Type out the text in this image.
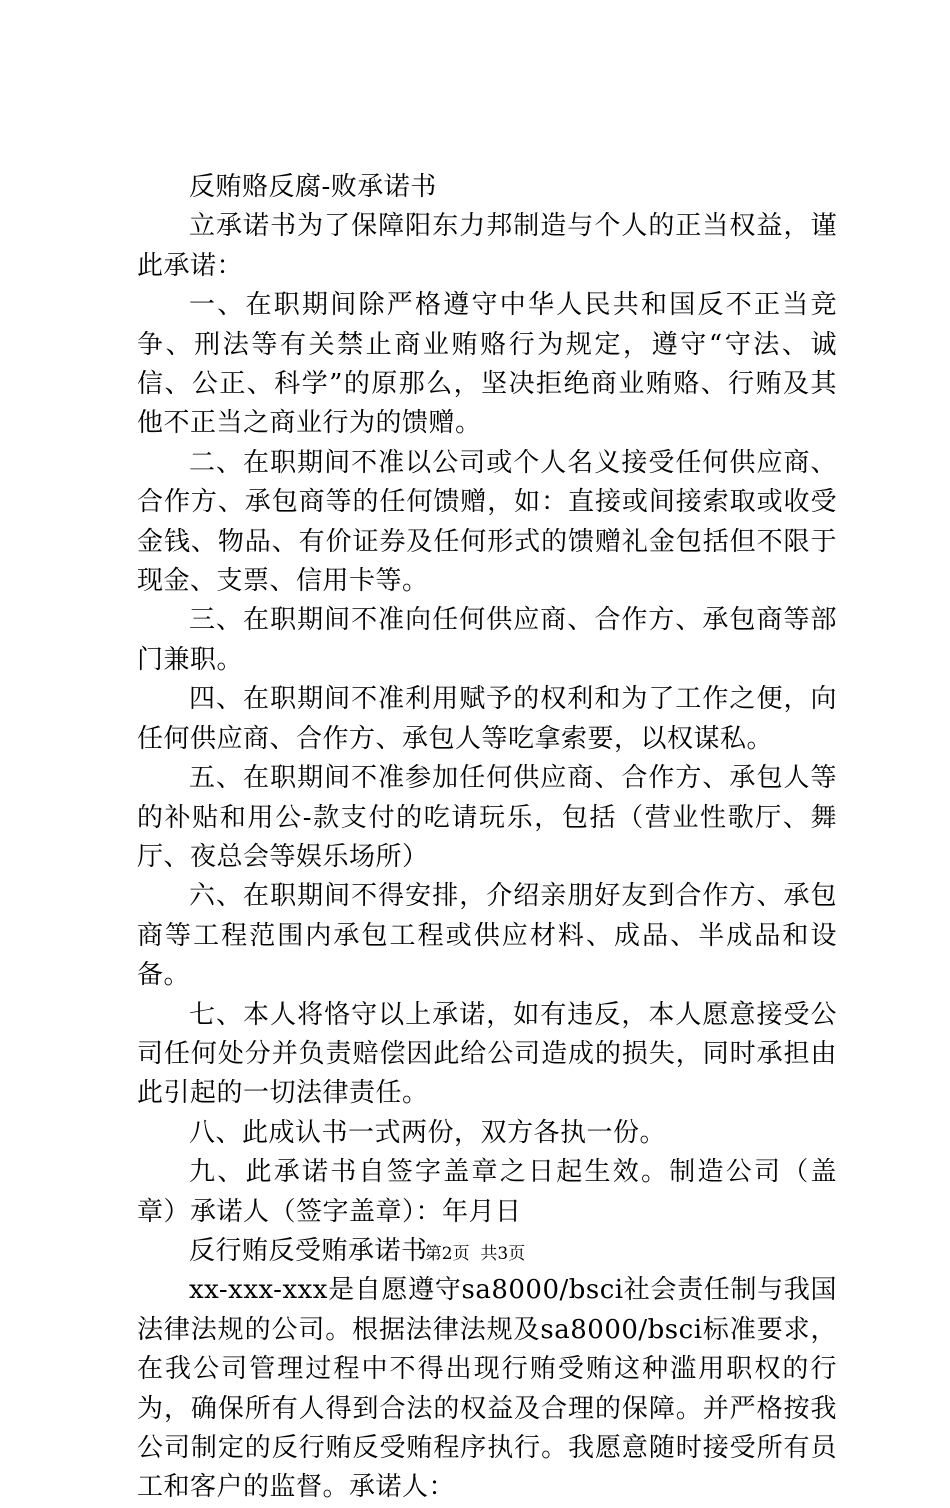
反贿赂反腐-败承诺书

立承诺书为了保障阳东力邦制造与个人的正当权益，谨此承诺：

一、在职期间除严格遵守中华人民共和国反不正当竞争、刑法等有关禁止商业贿赂行为规定，遵守“守法、诚信、公正、科学”的原那么，坚决拒绝商业贿赂、行贿及其他不正当之商业行为的馈赠。

二、在职期间不准以公司或个人名义接受任何供应商、合作方、承包商等的任何馈赠，如：直接或间接索取或收受金钱、物品、有价证券及任何形式的馈赠礼金包括但不限于现金、支票、信用卡等。

三、在职期间不准向任何供应商、合作方、承包商等部门兼职。

四、在职期间不准利用赋予的权利和为了工作之便，向任何供应商、合作方、承包人等吃拿索要，以权谋私。

五、在职期间不准参加任何供应商、合作方、承包人等的补贴和用公-款支付的吃请玩乐，包括（营业性歌厅、舞厅、夜总会等娱乐场所）

六、在职期间不得安排，介绍亲朋好友到合作方、承包商等工程范围内承包工程或供应材料、成品、半成品和设备。

七、本人将恪守以上承诺，如有违反，本人愿意接受公司任何处分并负责赔偿因此给公司造成的损失，同时承担由此引起的一切法律责任。

八、此成认书一式两份，双方各执一份。

九、此承诺书自签字盖章之日起生效。制造公司（盖章）承诺人（签字盖章）：年月日

反行贿反受贿承诺书

xx-xxx-xxx是自愿遵守sa8000/bsci社会责任制与我国法律法规的公司。根据法律法规及sa8000/bsci标准要求，在我公司管理过程中不得出现行贿受贿这种滥用职权的行为，确保所有人得到合法的权益及合理的保障。并严格按我公司制定的反行贿反受贿程序执行。我愿意随时接受所有员工和客户的监督。承诺人：

第2页  共3页
